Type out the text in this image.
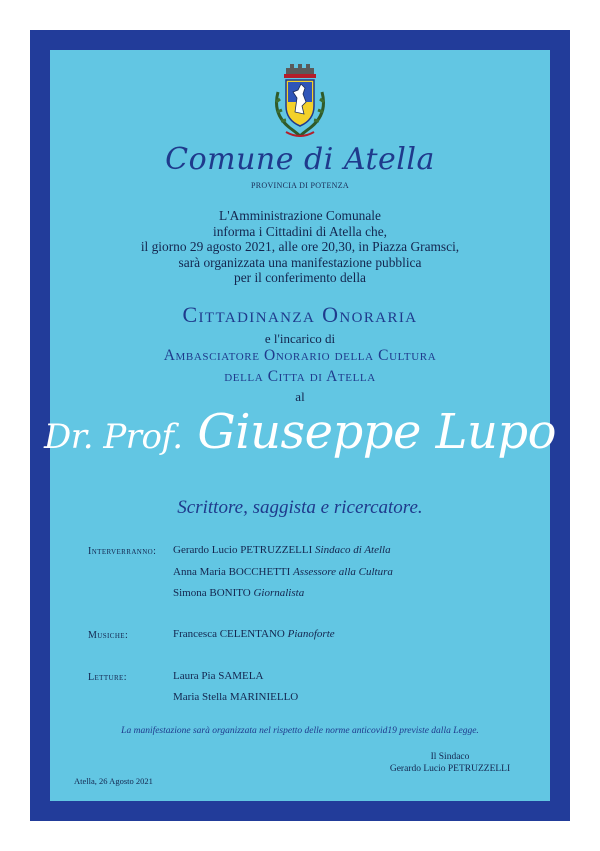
Comune di Atella
PROVINCIA DI POTENZA
L'Amministrazione Comunale
informa i Cittadini di Atella che,
il giorno 29 agosto 2021, alle ore 20,30, in Piazza Gramsci,
sarà organizzata una manifestazione pubblica
per il conferimento della
Cittadinanza Onoraria
e l'incarico di
Ambasciatore Onorario della Cultura
della Citta di Atella
al
Dr. Prof. Giuseppe Lupo
Scrittore, saggista e ricercatore.
Interverranno: Gerardo Lucio PETRUZZELLI Sindaco di Atella
Anna Maria BOCCHETTI Assessore alla Cultura
Simona BONITO Giornalista
Musiche:	Francesca CELENTANO Pianoforte
Letture:	Laura Pia SAMELA
Maria Stella MARINIELLO
La manifestazione sarà organizzata nel rispetto delle norme anticovid19 previste dalla Legge.
Il Sindaco
Gerardo Lucio PETRUZZELLI
Atella, 26 Agosto 2021
